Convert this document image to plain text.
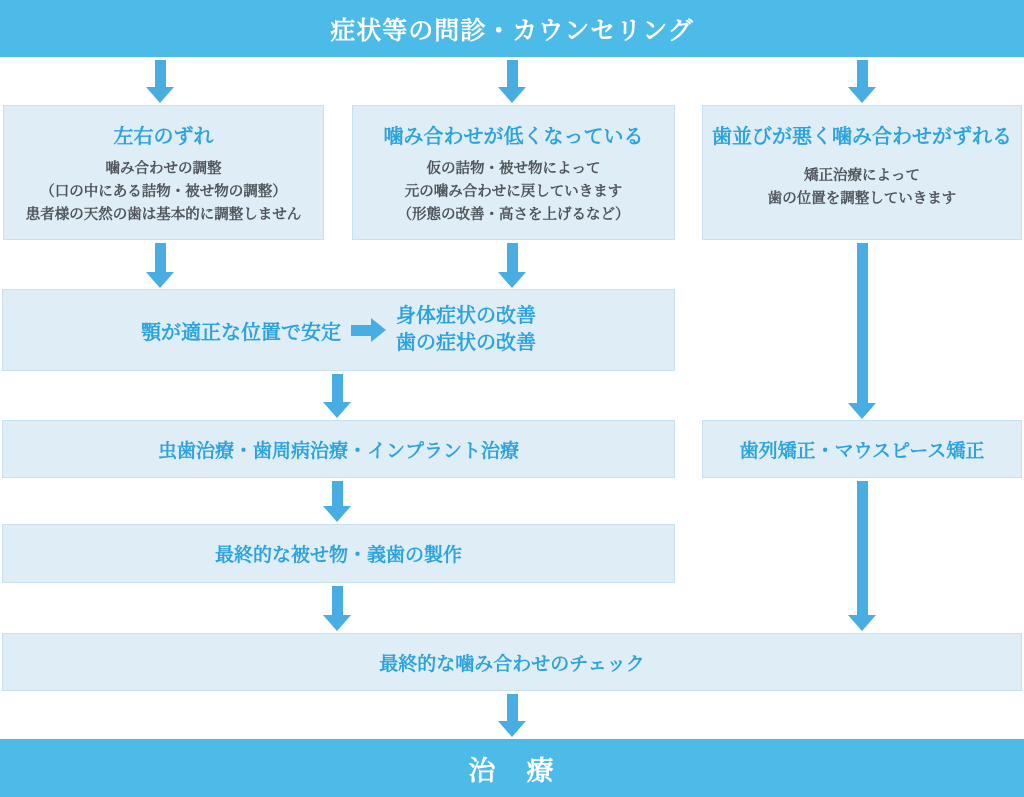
症状等の問診・カウンセリング
左右のずれ
噛み合わせの調整
（口の中にある詰物・被せ物の調整）
患者様の天然の歯は基本的に調整しません
噛み合わせが低くなっている
仮の詰物・被せ物によって
元の噛み合わせに戻していきます
（形態の改善・高さを上げるなど）
歯並びが悪く噛み合わせがずれる
矯正治療によって
歯の位置を調整していきます
顎が適正な位置で安定
身体症状の改善
歯の症状の改善
虫歯治療・歯周病治療・インプラント治療	歯列矯正・マウスピース矯正
最終的な被せ物・義歯の製作
最終的な噛み合わせのチェック
治　療
